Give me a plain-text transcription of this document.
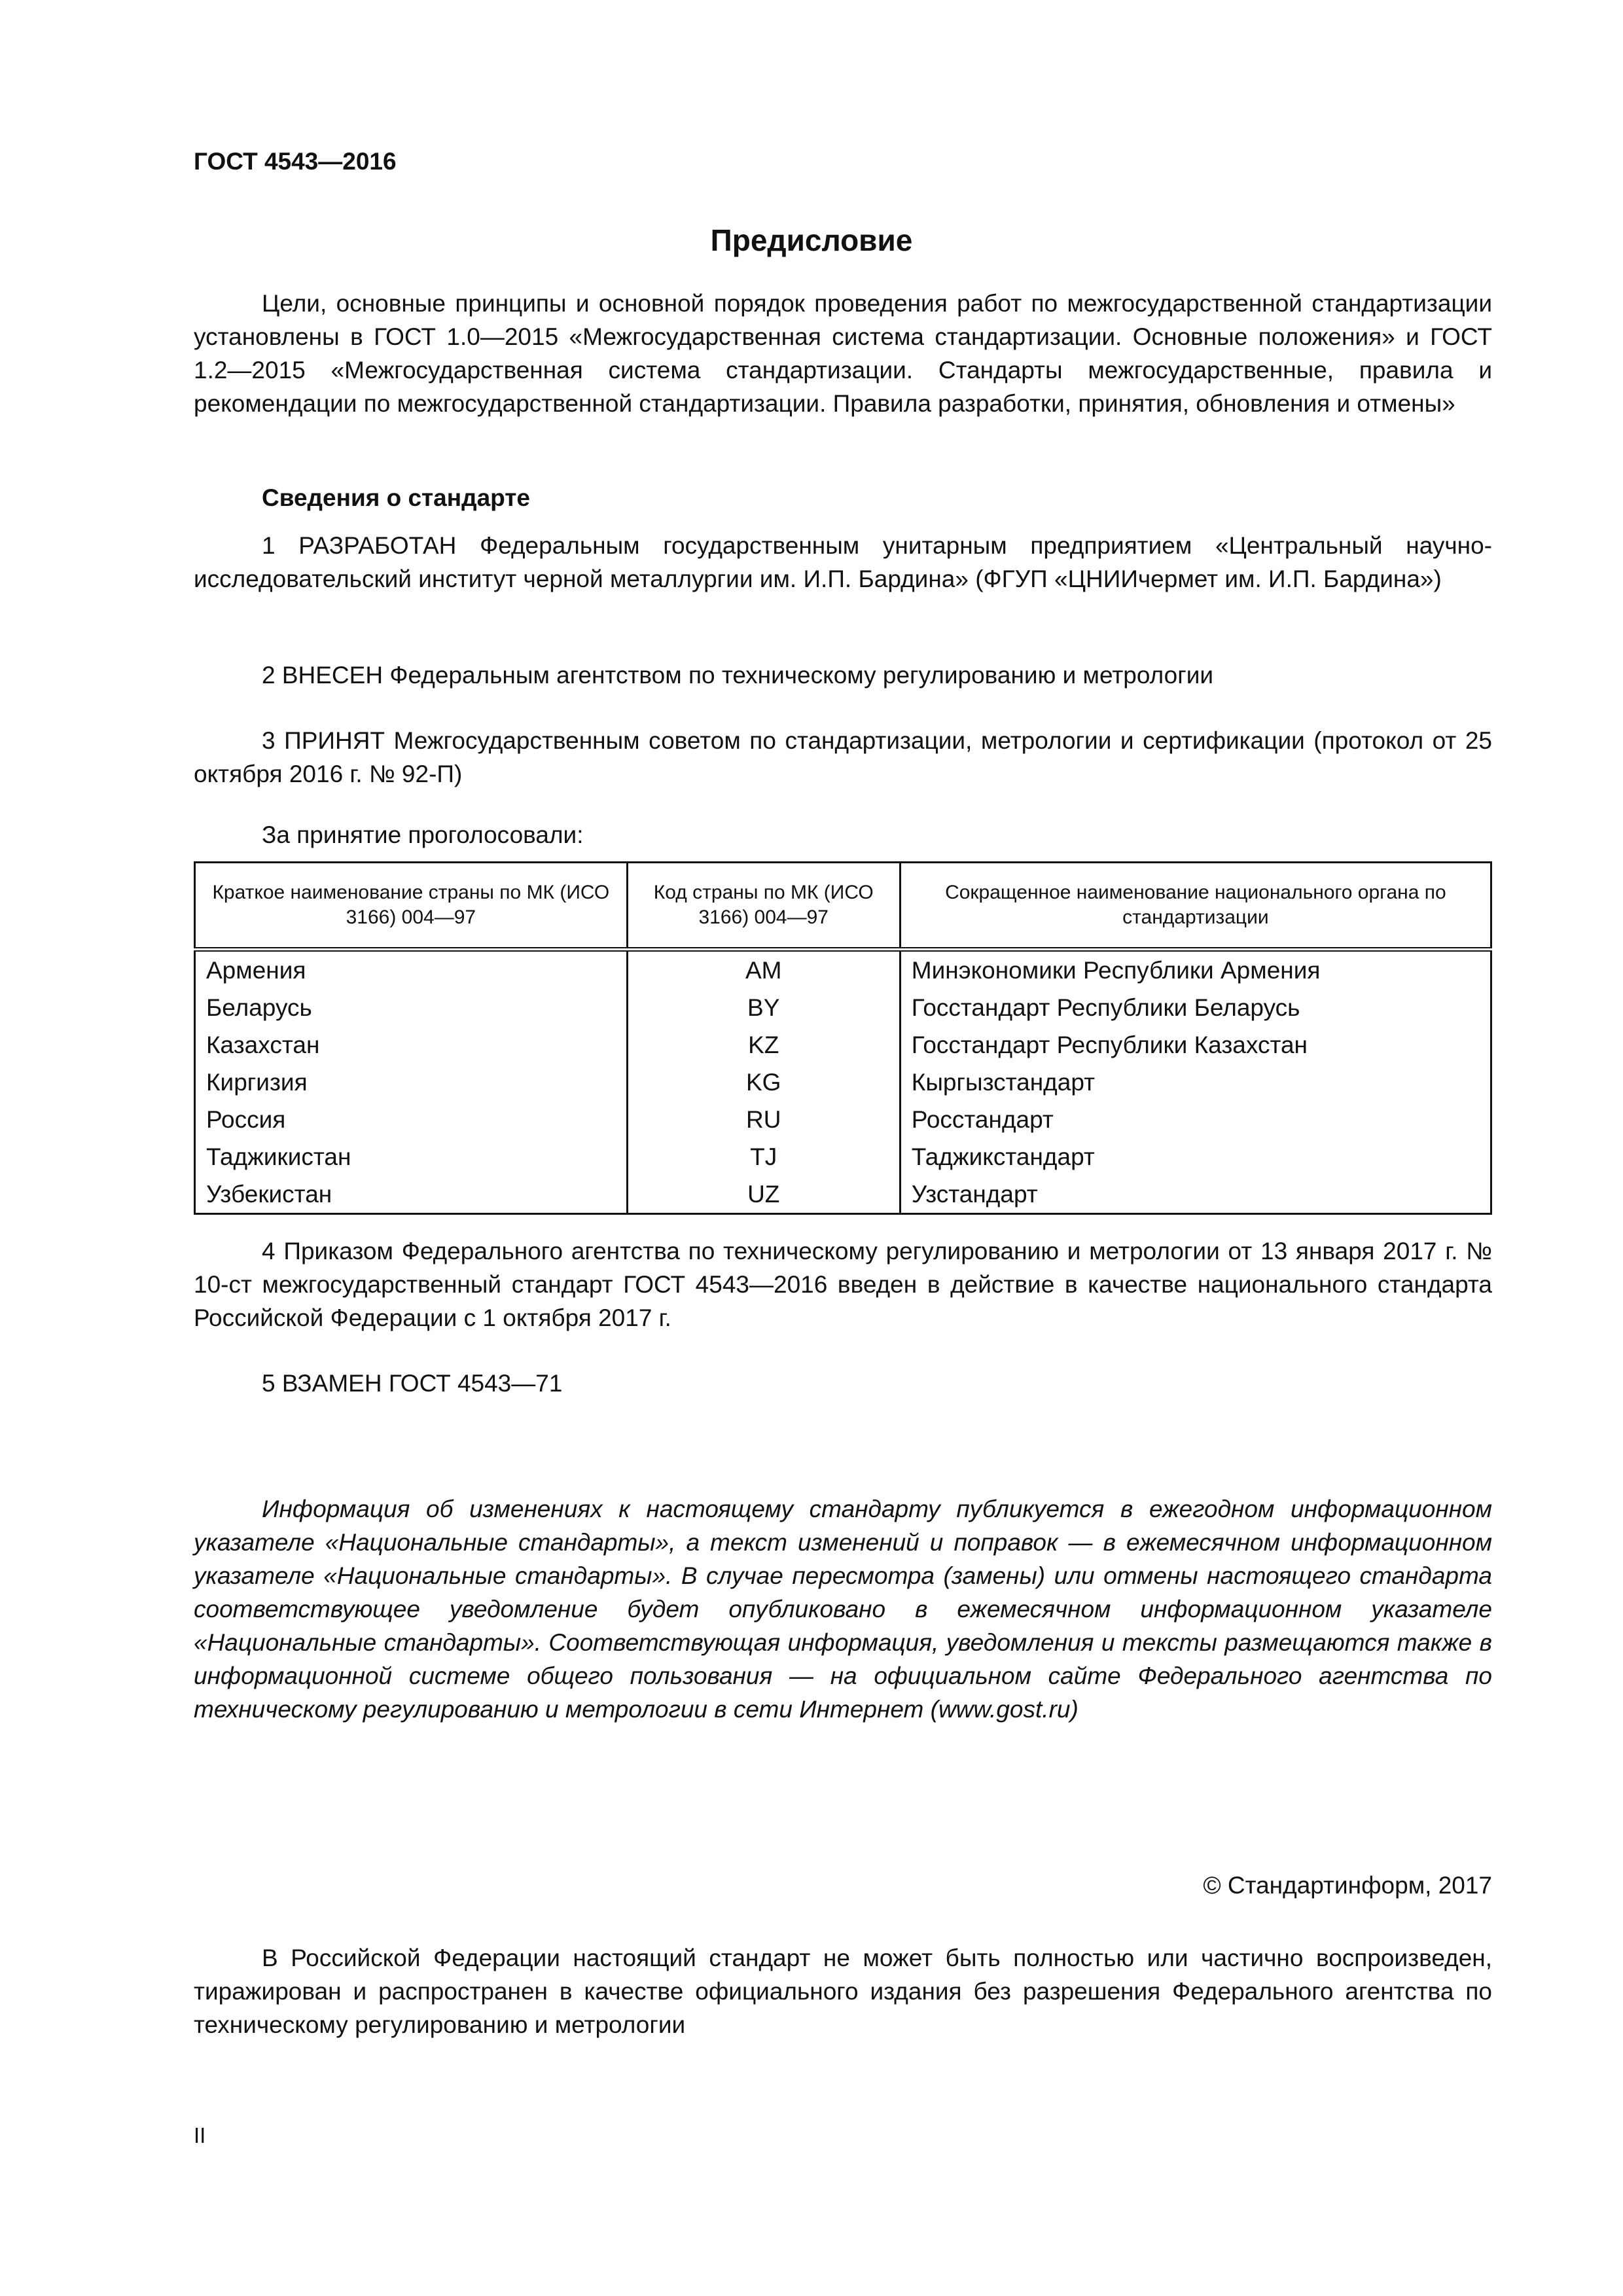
ГОСТ 4543—2016
Предисловие

Цели, основные принципы и основной порядок проведения работ по межгосударственной стандартизации установлены в ГОСТ 1.0—2015 «Межгосударственная система стандартизации. Основные положения» и ГОСТ 1.2—2015 «Межгосударственная система стандартизации. Стандарты межгосударственные, правила и рекомендации по межгосударственной стандартизации. Правила разработки, принятия, обновления и отмены»

Сведения о стандарте

1 РАЗРАБОТАН Федеральным государственным унитарным предприятием «Центральный научно-исследовательский институт черной металлургии им. И.П. Бардина» (ФГУП «ЦНИИчермет им. И.П. Бардина»)

2 ВНЕСЕН Федеральным агентством по техническому регулированию и метрологии

3 ПРИНЯТ Межгосударственным советом по стандартизации, метрологии и сертификации (протокол от 25 октября 2016 г. № 92-П)

За принятие проголосовали:
Краткое наименование страны по МК (ИСО 3166) 004—97	Код страны по МК (ИСО 3166) 004—97	Сокращенное наименование национального органа по стандартизации
Армения	AM	Минэкономики Республики Армения
Беларусь	BY	Госстандарт Республики Беларусь
Казахстан	KZ	Госстандарт Республики Казахстан
Киргизия	KG	Кыргызстандарт
Россия	RU	Росстандарт
Таджикистан	TJ	Таджикстандарт
Узбекистан	UZ	Узстандарт

4 Приказом Федерального агентства по техническому регулированию и метрологии от 13 января 2017 г. № 10-ст межгосударственный стандарт ГОСТ 4543—2016 введен в действие в качестве национального стандарта Российской Федерации с 1 октября 2017 г.

5 ВЗАМЕН ГОСТ 4543—71

Информация об изменениях к настоящему стандарту публикуется в ежегодном информационном указателе «Национальные стандарты», а текст изменений и поправок — в ежемесячном информационном указателе «Национальные стандарты». В случае пересмотра (замены) или отмены настоящего стандарта соответствующее уведомление будет опубликовано в ежемесячном информационном указателе «Национальные стандарты». Соответствующая информация, уведомления и тексты размещаются также в информационной системе общего пользования — на официальном сайте Федерального агентства по техническому регулированию и метрологии в сети Интернет (www.gost.ru)

© Стандартинформ, 2017

В Российской Федерации настоящий стандарт не может быть полностью или частично воспроизведен, тиражирован и распространен в качестве официального издания без разрешения Федерального агентства по техническому регулированию и метрологии

II
